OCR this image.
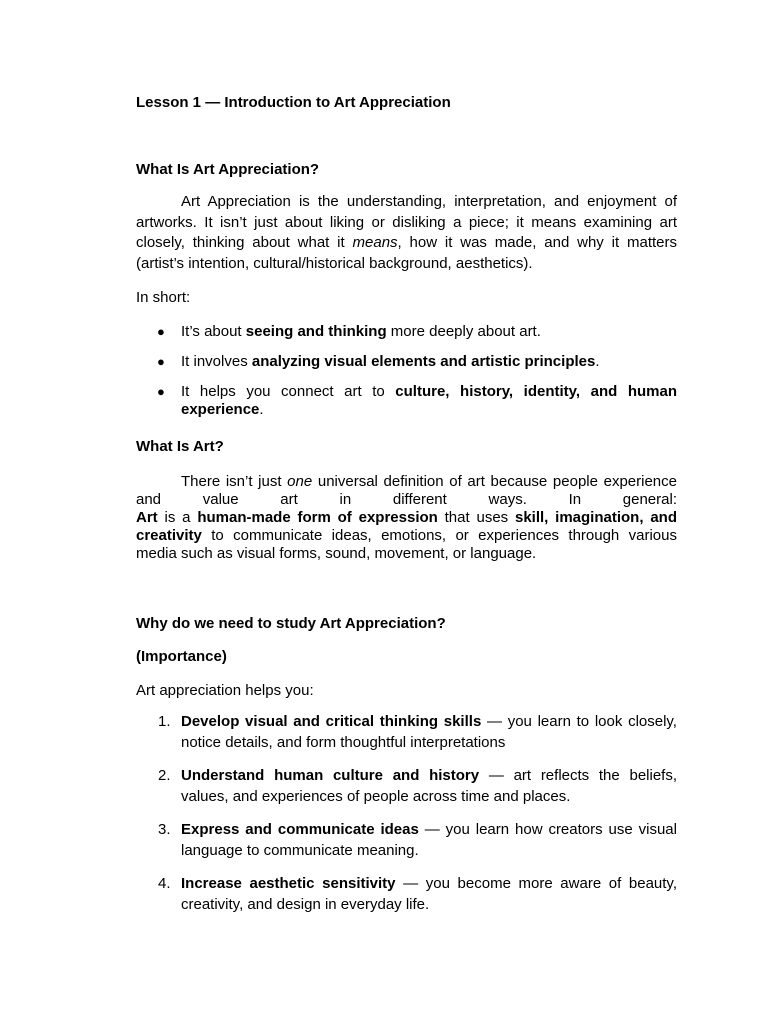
Lesson 1 — Introduction to Art Appreciation
What Is Art Appreciation?

Art Appreciation is the understanding, interpretation, and enjoyment of artworks. It isn’t just about liking or disliking a piece; it means examining art closely, thinking about what it means, how it was made, and why it matters (artist’s intention, cultural/historical background, aesthetics).

In short:
● It’s about seeing and thinking more deeply about art.
● It involves analyzing visual elements and artistic principles.
● It helps you connect art to culture, history, identity, and human experience.
What Is Art?
There isn’t just one universal definition of art because people experience and value art in different ways. In general:
Art is a human-made form of expression that uses skill, imagination, and creativity to communicate ideas, emotions, or experiences through various media such as visual forms, sound, movement, or language.
Why do we need to study Art Appreciation?
(Importance)
Art appreciation helps you:
1. Develop visual and critical thinking skills — you learn to look closely, notice details, and form thoughtful interpretations
2. Understand human culture and history — art reflects the beliefs, values, and experiences of people across time and places.
3. Express and communicate ideas — you learn how creators use visual language to communicate meaning.
4. Increase aesthetic sensitivity — you become more aware of beauty, creativity, and design in everyday life.
